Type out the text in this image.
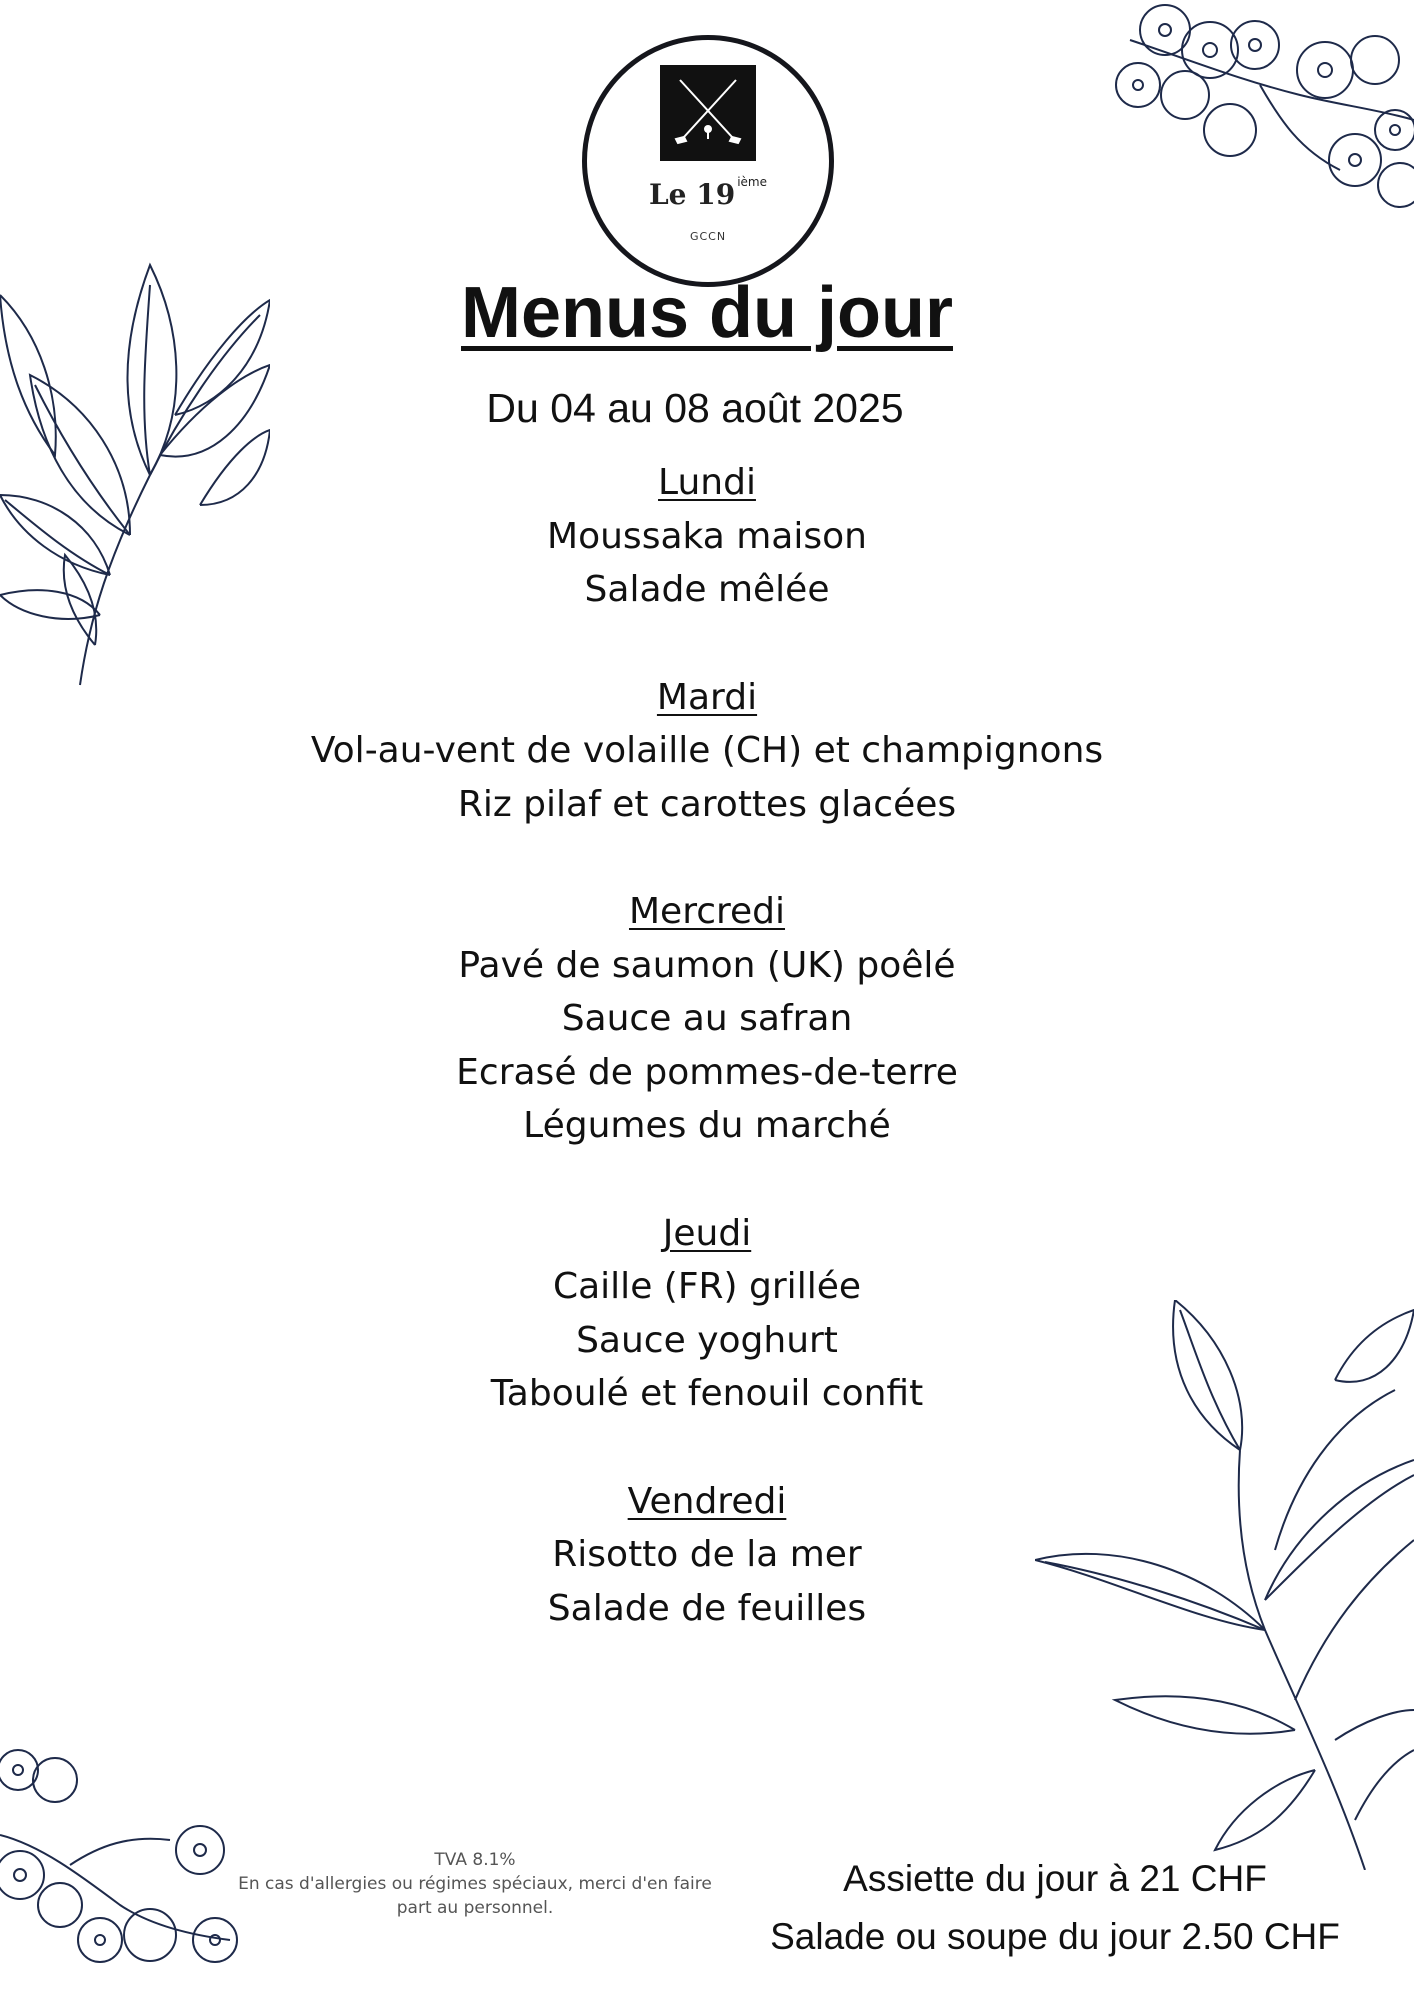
Le 19 $^{ième}$
GCCN
Menus du jour
Du 04 au 08 août 2025
Lundi
Moussaka maison
Salade mêlée
Mardi
Vol-au-vent de volaille (CH) et champignons
Riz pilaf et carottes glacées
Mercredi
Pavé de saumon (UK) poêlé
Sauce au safran
Ecrasé de pommes-de-terre
Légumes du marché
Jeudi
Caille (FR) grillée
Sauce yoghurt
Taboulé et fenouil confit
Vendredi
Risotto de la mer
Salade de feuilles
TVA 8.1%
En cas d'allergies ou régimes spéciaux, merci d'en faire
part au personnel.
Assiette du jour à 21 CHF
Salade ou soupe du jour 2.50 CHF
